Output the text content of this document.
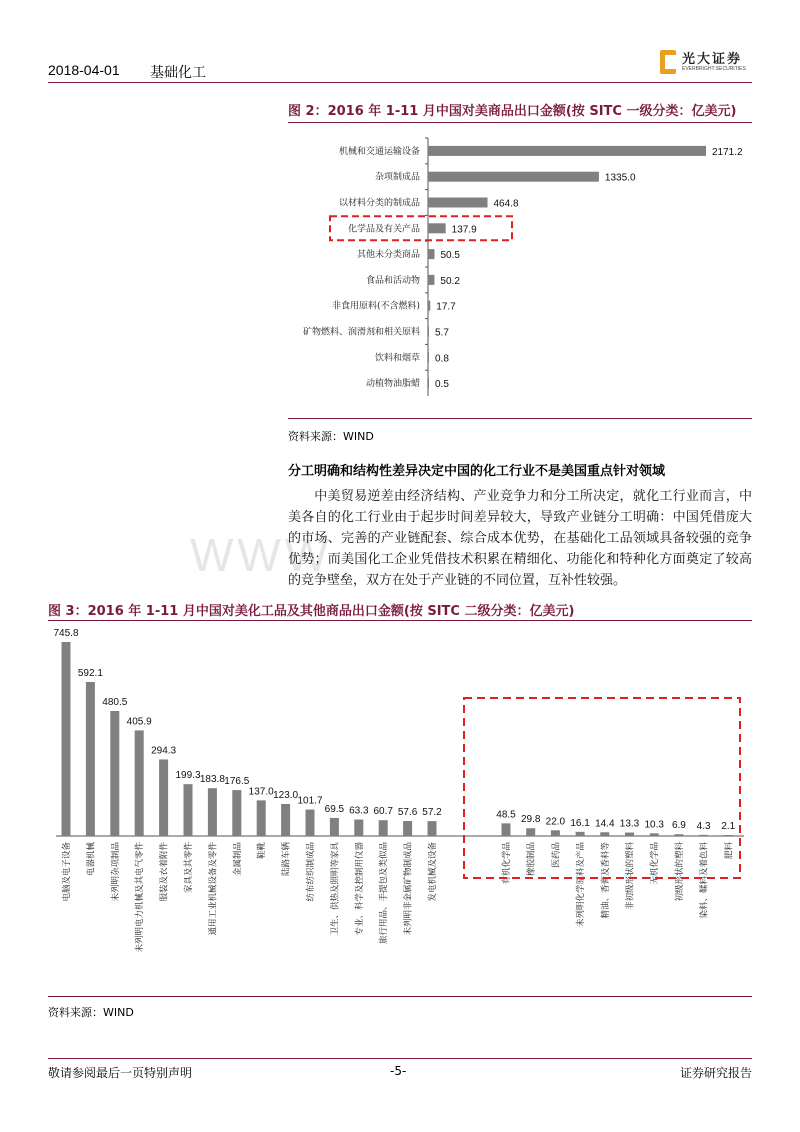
2018-04-01 基础化工
光大证券
EVERBRIGHT SECURITIES
图 2：2016 年 1-11 月中国对美商品出口金额(按 SITC 一级分类：亿美元)
机械和交通运输设备	2171.2
杂项制成品	1335.0
以材料分类的制成品	464.8
化学品及有关产品	137.9
其他未分类商品 50.5
食品和活动物 50.2
非食用原料(不含燃料) 17.7
矿物燃料、润滑剂和相关原料 5.7
饮料和烟草 0.8
动植物油脂蜡 0.5
资料来源：WIND
WWW
分工明确和结构性差异决定中国的化工行业不是美国重点针对领域
中美贸易逆差由经济结构、产业竞争力和分工所决定，就化工行业而言，中美各自的化工行业由于起步时间差异较大，导致产业链分工明确：中国凭借庞大的市场、完善的产业链配套、综合成本优势，在基础化工品领域具备较强的竞争优势；而美国化工企业凭借技术积累在精细化、功能化和特种化方面奠定了较高的竞争壁垒，双方在处于产业链的不同位置，互补性较强。
图 3：2016 年 1-11 月中国对美化工品及其他商品出口金额(按 SITC 二级分类：亿美元)
745.8
电脑及电子设备
592.1
电器机械
480.5
未列明杂项制品
405.9
未列明电力机械及其电气零件
294.3
服装及衣着附件
199.3
家具及其零件
183.8
通用工业机械设备及零件
176.5
金属制品
137.0
鞋靴
123.0
陆路车辆
101.7
纺布纺织制成品
69.5
卫生、供热及照明等家具
63.3
专业、科学及控制用仪器
60.7
旅行用品、手提包及类似品
57.6
未列明非金属矿物制成品
57.2
发电机械及设备
48.5
有机化学品
29.8
橡胶制品
22.0
医药品
16.1
未列明化学原料及产品
14.4
精油、香膏及香料等
13.3
非初级形状的塑料
10.3
无机化学品
6.9
初级形状的塑料
4.3
染料、鞣料及着色料
2.1
肥料
资料来源：WIND
敬请参阅最后一页特别声明	-5-	证券研究报告
